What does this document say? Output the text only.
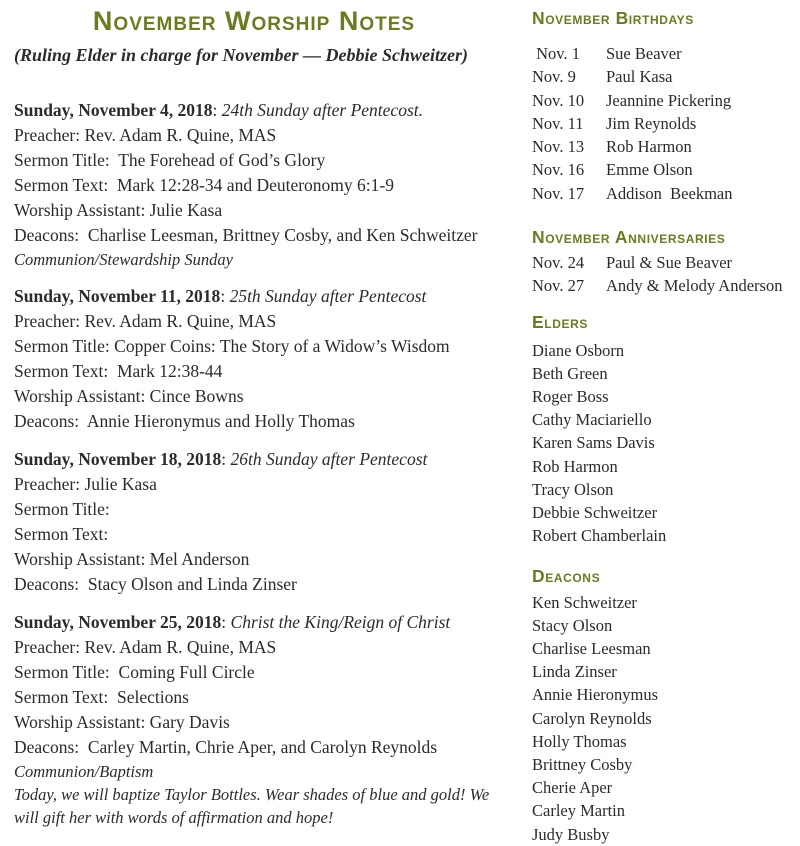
November Worship Notes

(Ruling Elder in charge for November — Debbie Schweitzer)

Sunday, November 4, 2018: 24th Sunday after Pentecost.

Preacher: Rev. Adam R. Quine, MAS

Sermon Title:  The Forehead of God’s Glory

Sermon Text:  Mark 12:28-34 and Deuteronomy 6:1-9

Worship Assistant: Julie Kasa

Deacons:  Charlise Leesman, Brittney Cosby, and Ken Schweitzer

Communion/Stewardship Sunday

Sunday, November 11, 2018: 25th Sunday after Pentecost

Preacher: Rev. Adam R. Quine, MAS

Sermon Title: Copper Coins: The Story of a Widow’s Wisdom

Sermon Text:  Mark 12:38-44

Worship Assistant: Cince Bowns

Deacons:  Annie Hieronymus and Holly Thomas

Sunday, November 18, 2018: 26th Sunday after Pentecost

Preacher: Julie Kasa

Sermon Title:

Sermon Text:

Worship Assistant: Mel Anderson

Deacons:  Stacy Olson and Linda Zinser

Sunday, November 25, 2018: Christ the King/Reign of Christ

Preacher: Rev. Adam R. Quine, MAS

Sermon Title:  Coming Full Circle

Sermon Text:  Selections

Worship Assistant: Gary Davis

Deacons:  Carley Martin, Chrie Aper, and Carolyn Reynolds

Communion/Baptism

Today, we will baptize Taylor Bottles. Wear shades of blue and gold! We will gift her with words of affirmation and hope!

November Birthdays
Nov. 1	Sue Beaver
Nov. 9	Paul Kasa
Nov. 10	Jeannine Pickering
Nov. 11	Jim Reynolds
Nov. 13	Rob Harmon
Nov. 16	Emme Olson
Nov. 17	Addison  Beekman
November Anniversaries
Nov. 24	Paul & Sue Beaver
Nov. 27	Andy & Melody Anderson
Elders

Diane Osborn

Beth Green

Roger Boss

Cathy Maciariello

Karen Sams Davis

Rob Harmon

Tracy Olson

Debbie Schweitzer

Robert Chamberlain

Deacons

Ken Schweitzer

Stacy Olson

Charlise Leesman

Linda Zinser

Annie Hieronymus

Carolyn Reynolds

Holly Thomas

Brittney Cosby

Cherie Aper

Carley Martin

Judy Busby
